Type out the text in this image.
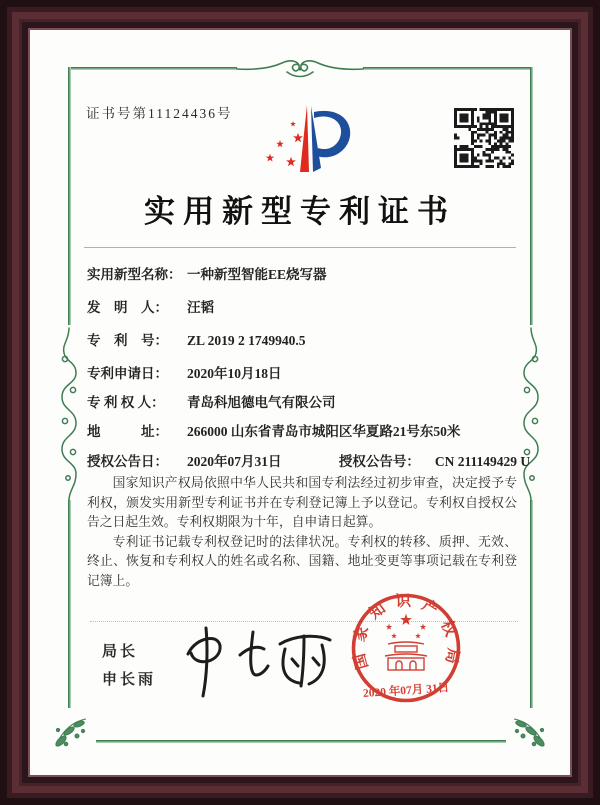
证书号第11124436号
实用新型专利证书
实用新型名称： 一种新型智能EE烧写器
发　明　人： 汪韬
专　利　号： ZL 2019 2 1749940.5
专利申请日： 2020年10月18日
专 利 权 人： 青岛科旭德电气有限公司
地　　　址： 266000 山东省青岛市城阳区华夏路21号东50米
授权公告日： 2020年07月31日	授权公告号： CN 211149429 U

国家知识产权局依照中华人民共和国专利法经过初步审查，决定授予专利权，颁发实用新型专利证书并在专利登记簿上予以登记。专利权自授权公告之日起生效。专利权期限为十年，自申请日起算。

专利证书记载专利权登记时的法律状况。专利权的转移、质押、无效、终止、恢复和专利权人的姓名或名称、国籍、地址变更等事项记载在专利登记簿上。

局长
申长雨
国家知识产权局
2020 年07月 31日
